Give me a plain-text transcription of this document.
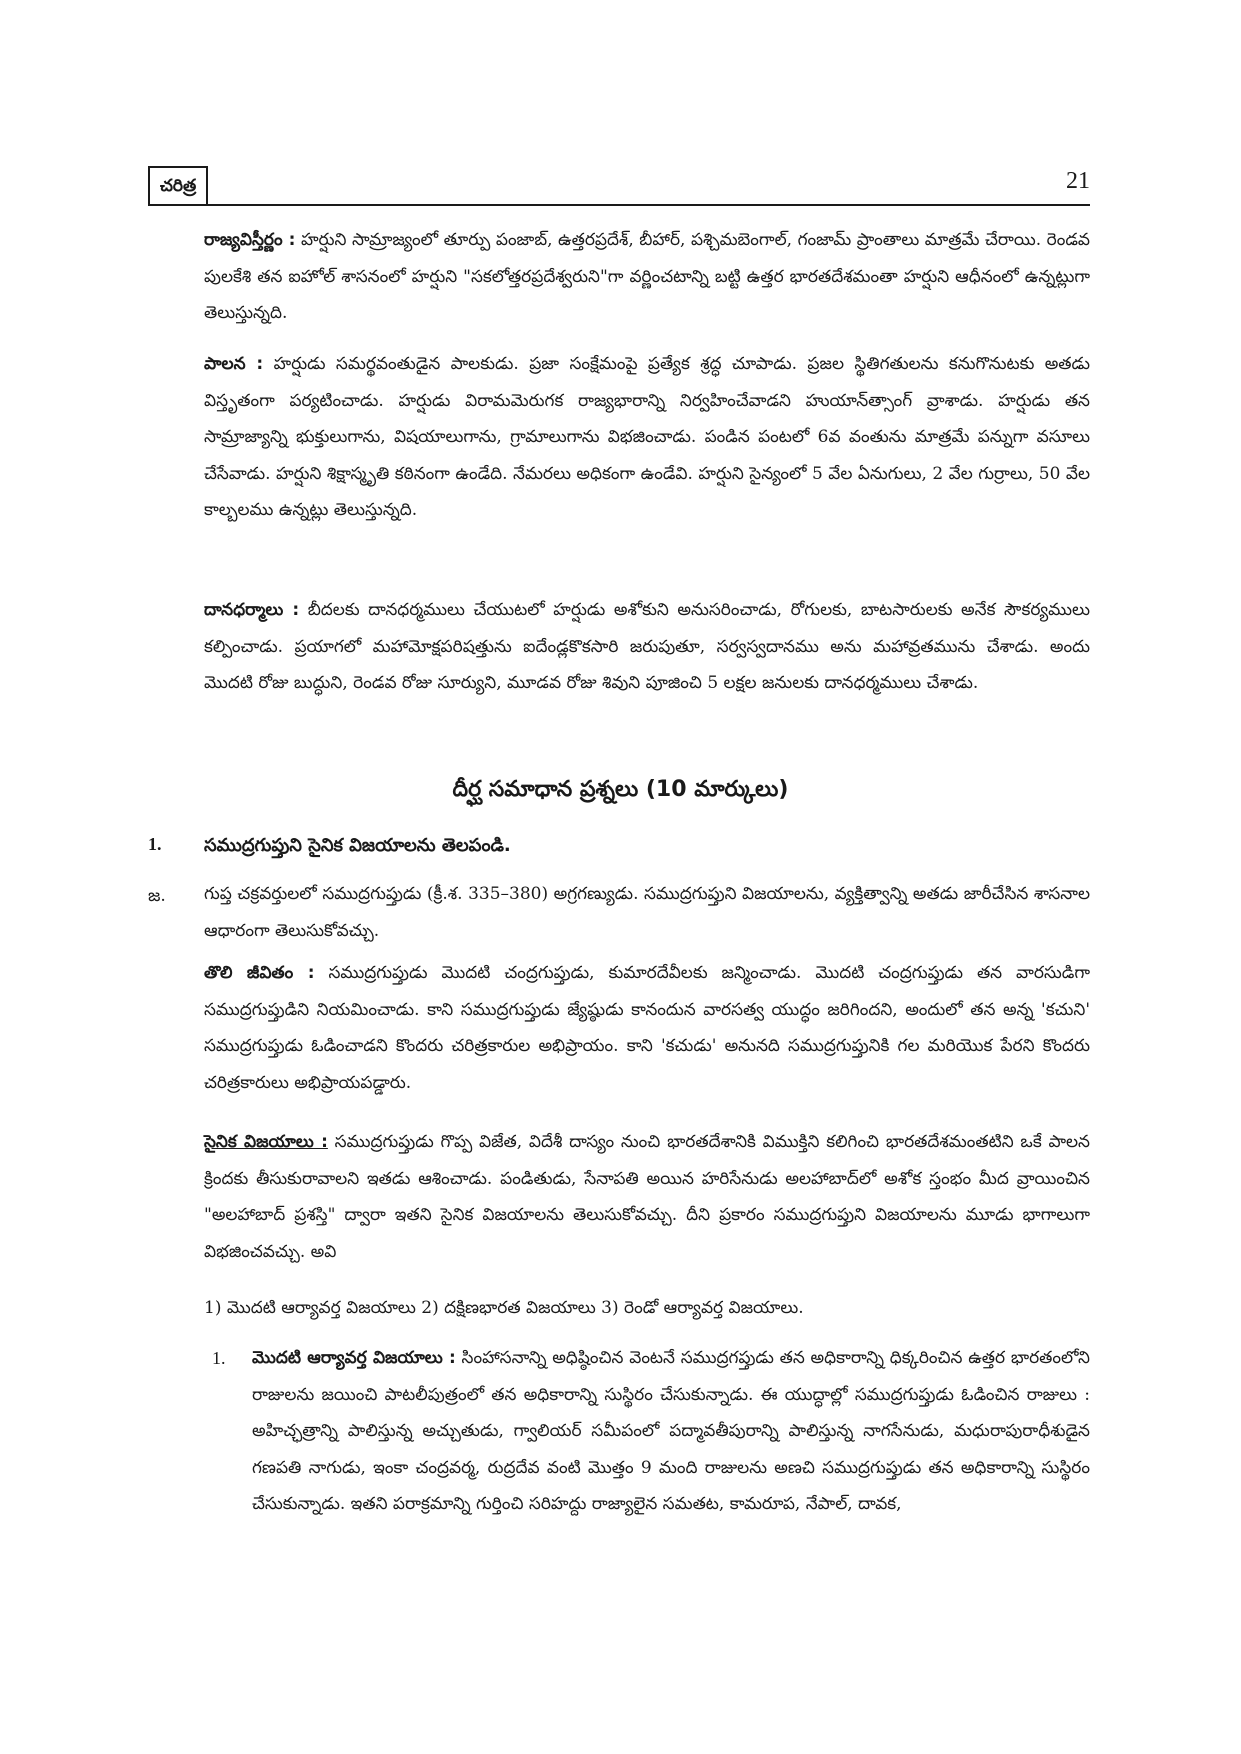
చరిత్ర	21

రాజ్యవిస్తీర్ణం : హర్షుని సామ్రాజ్యంలో తూర్పు పంజాబ్, ఉత్తరప్రదేశ్, బీహార్, పశ్చిమబెంగాల్, గంజామ్ ప్రాంతాలు మాత్రమే చేరాయి. రెండవ పులకేశి తన ఐహోల్ శాసనంలో హర్షుని "సకలోత్తరప్రదేశ్వరుని"గా వర్ణించటాన్ని బట్టి ఉత్తర భారతదేశమంతా హర్షుని ఆధీనంలో ఉన్నట్లుగా తెలుస్తున్నది.

పాలన : హర్షుడు సమర్థవంతుడైన పాలకుడు. ప్రజా సంక్షేమంపై ప్రత్యేక శ్రద్ధ చూపాడు. ప్రజల స్థితిగతులను కనుగొనుటకు అతడు విస్తృతంగా పర్యటించాడు. హర్షుడు విరామమెరుగక రాజ్యభారాన్ని నిర్వహించేవాడని హుయాన్‌త్సాంగ్ వ్రాశాడు. హర్షుడు తన సామ్రాజ్యాన్ని భుక్తులుగాను, విషయాలుగాను, గ్రామాలుగాను విభజించాడు. పండిన పంటలో 6వ వంతును మాత్రమే పన్నుగా వసూలు చేసేవాడు. హర్షుని శిక్షాస్మృతి కఠినంగా ఉండేది. నేమరలు అధికంగా ఉండేవి. హర్షుని సైన్యంలో 5 వేల ఏనుగులు, 2 వేల గుర్రాలు, 50 వేల కాల్బలము ఉన్నట్లు తెలుస్తున్నది.

దానధర్మాలు : బీదలకు దానధర్మములు చేయుటలో హర్షుడు అశోకుని అనుసరించాడు, రోగులకు, బాటసారులకు అనేక సౌకర్యములు కల్పించాడు. ప్రయాగలో మహామోక్షపరిషత్తును ఐదేండ్లకొకసారి జరుపుతూ, సర్వస్వదానము అను మహావ్రతమును చేశాడు. అందు మొదటి రోజు బుద్ధుని, రెండవ రోజు సూర్యుని, మూడవ రోజు శివుని పూజించి 5 లక్షల జనులకు దానధర్మములు చేశాడు.

దీర్ఘ సమాధాన ప్రశ్నలు (10 మార్కులు)
1. సముద్రగుప్తుని సైనిక విజయాలను తెలపండి.
జ. గుప్త చక్రవర్తులలో సముద్రగుప్తుడు (క్రీ.శ. 335–380) అగ్రగణ్యుడు. సముద్రగుప్తుని విజయాలను, వ్యక్తిత్వాన్ని అతడు జారీచేసిన శాసనాల ఆధారంగా తెలుసుకోవచ్చు.

తొలి జీవితం : సముద్రగుప్తుడు మొదటి చంద్రగుప్తుడు, కుమారదేవీలకు జన్మించాడు. మొదటి చంద్రగుప్తుడు తన వారసుడిగా సముద్రగుప్తుడిని నియమించాడు. కాని సముద్రగుప్తుడు జ్యేష్ఠుడు కానందున వారసత్వ యుద్ధం జరిగిందని, అందులో తన అన్న 'కచుని' సముద్రగుప్తుడు ఓడించాడని కొందరు చరిత్రకారుల అభిప్రాయం. కాని 'కచుడు' అనునది సముద్రగుప్తునికి గల మరియొక పేరని కొందరు చరిత్రకారులు అభిప్రాయపడ్డారు.

సైనిక విజయాలు : సముద్రగుప్తుడు గొప్ప విజేత, విదేశీ దాస్యం నుంచి భారతదేశానికి విముక్తిని కలిగించి భారతదేశమంతటిని ఒకే పాలన క్రిందకు తీసుకురావాలని ఇతడు ఆశించాడు. పండితుడు, సేనాపతి అయిన హరిసేనుడు అలహాబాద్‌లో అశోక స్తంభం మీద వ్రాయించిన "అలహాబాద్ ప్రశస్తి" ద్వారా ఇతని సైనిక విజయాలను తెలుసుకోవచ్చు. దీని ప్రకారం సముద్రగుప్తుని విజయాలను మూడు భాగాలుగా విభజించవచ్చు. అవి

1) మొదటి ఆర్యావర్త విజయాలు 2) దక్షిణభారత విజయాలు 3) రెండో ఆర్యావర్త విజయాలు.

1. మొదటి ఆర్యావర్త విజయాలు : సింహాసనాన్ని అధిష్ఠించిన వెంటనే సముద్రగప్తుడు తన అధికారాన్ని ధిక్కరించిన ఉత్తర భారతంలోని రాజులను జయించి పాటలీపుత్రంలో తన అధికారాన్ని సుస్థిరం చేసుకున్నాడు. ఈ యుద్ధాల్లో సముద్రగుప్తుడు ఓడించిన రాజులు : అహిచ్ఛత్రాన్ని పాలిస్తున్న అచ్చుతుడు, గ్వాలియర్ సమీపంలో పద్మావతీపురాన్ని పాలిస్తున్న నాగసేనుడు, మధురాపురాధీశుడైన గణపతి నాగుడు, ఇంకా చంద్రవర్మ, రుద్రదేవ వంటి మొత్తం 9 మంది రాజులను అణచి సముద్రగుప్తుడు తన అధికారాన్ని సుస్థిరం చేసుకున్నాడు. ఇతని పరాక్రమాన్ని గుర్తించి సరిహద్దు రాజ్యాలైన సమతట, కామరూప, నేపాల్, దావక,
